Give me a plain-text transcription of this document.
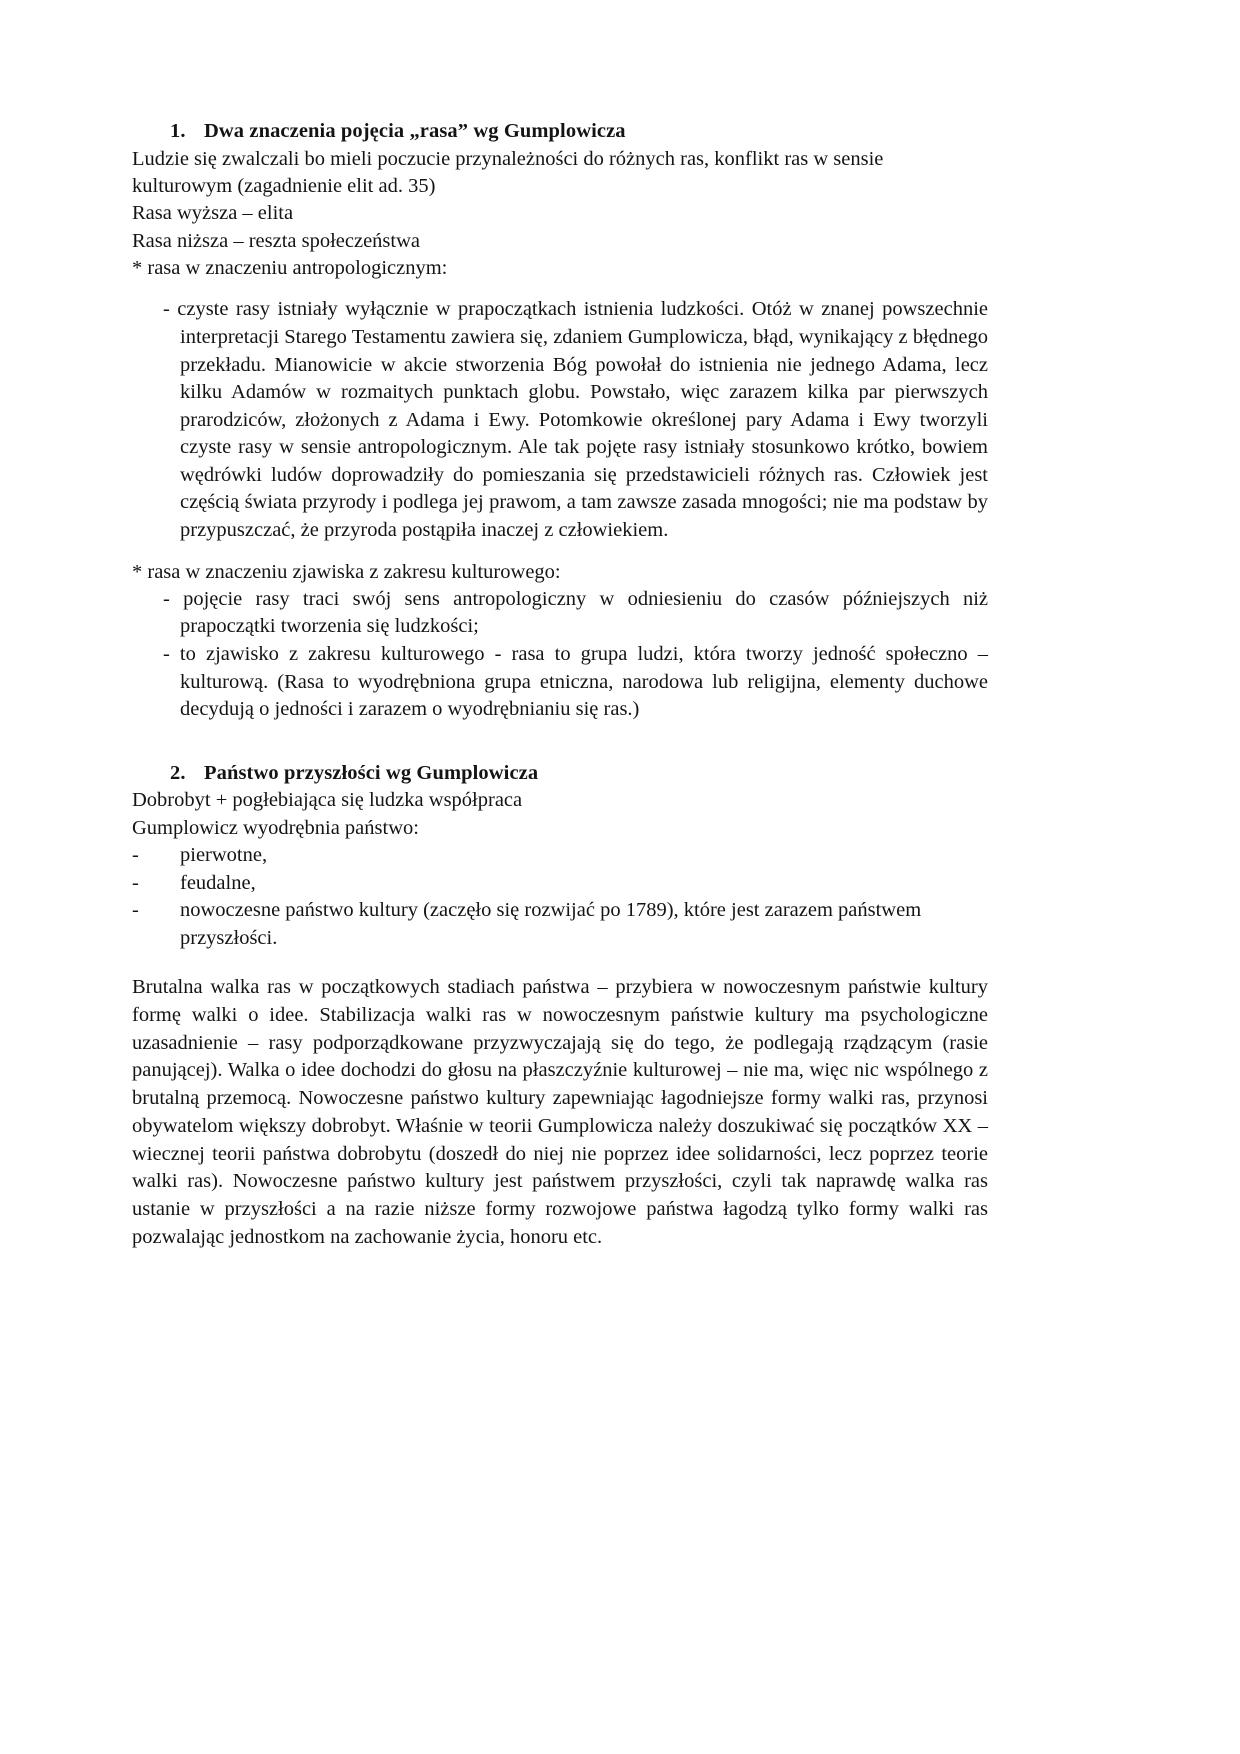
1. Dwa znaczenia pojęcia „rasa” wg Gumplowicza

Ludzie się zwalczali bo mieli poczucie przynależności do różnych ras, konflikt ras w sensie

kulturowym (zagadnienie elit ad. 35)

Rasa wyższa – elita

Rasa niższa – reszta społeczeństwa

* rasa w znaczeniu antropologicznym:

- czyste rasy istniały wyłącznie w prapoczątkach istnienia ludzkości. Otóż w znanej powszechnie interpretacji Starego Testamentu zawiera się, zdaniem Gumplowicza, błąd, wynikający z błędnego przekładu. Mianowicie w akcie stworzenia Bóg powołał do istnienia nie jednego Adama, lecz kilku Adamów w rozmaitych punktach globu. Powstało, więc zarazem kilka par pierwszych prarodziców, złożonych z Adama i Ewy. Potomkowie określonej pary Adama i Ewy tworzyli czyste rasy w sensie antropologicznym. Ale tak pojęte rasy istniały stosunkowo krótko, bowiem wędrówki ludów doprowadziły do pomieszania się przedstawicieli różnych ras. Człowiek jest częścią świata przyrody i podlega jej prawom, a tam zawsze zasada mnogości; nie ma podstaw by przypuszczać, że przyroda postąpiła inaczej z człowiekiem.

* rasa w znaczeniu zjawiska z zakresu kulturowego:

- pojęcie rasy traci swój sens antropologiczny w odniesieniu do czasów późniejszych niż prapoczątki tworzenia się ludzkości;

- to zjawisko z zakresu kulturowego - rasa to grupa ludzi, która tworzy jedność społeczno – kulturową. (Rasa to wyodrębniona grupa etniczna, narodowa lub religijna, elementy duchowe decydują o jedności i zarazem o wyodrębnianiu się ras.)

2. Państwo przyszłości wg Gumplowicza

Dobrobyt + pogłebiająca się ludzka współpraca

Gumplowicz wyodrębnia państwo:

- pierwotne,

- feudalne,

- nowoczesne państwo kultury (zaczęło się rozwijać po 1789), które jest zarazem państwem przyszłości.

Brutalna walka ras w początkowych stadiach państwa – przybiera w nowoczesnym państwie kultury formę walki o idee. Stabilizacja walki ras w nowoczesnym państwie kultury ma psychologiczne uzasadnienie – rasy podporządkowane przyzwyczajają się do tego, że podlegają rządzącym (rasie panującej). Walka o idee dochodzi do głosu na płaszczyźnie kulturowej – nie ma, więc nic wspólnego z brutalną przemocą. Nowoczesne państwo kultury zapewniając łagodniejsze formy walki ras, przynosi obywatelom większy dobrobyt. Właśnie w teorii Gumplowicza należy doszukiwać się początków XX – wiecznej teorii państwa dobrobytu (doszedł do niej nie poprzez idee solidarności, lecz poprzez teorie walki ras). Nowoczesne państwo kultury jest państwem przyszłości, czyli tak naprawdę walka ras ustanie w przyszłości a na razie niższe formy rozwojowe państwa łagodzą tylko formy walki ras pozwalając jednostkom na zachowanie życia, honoru etc.
